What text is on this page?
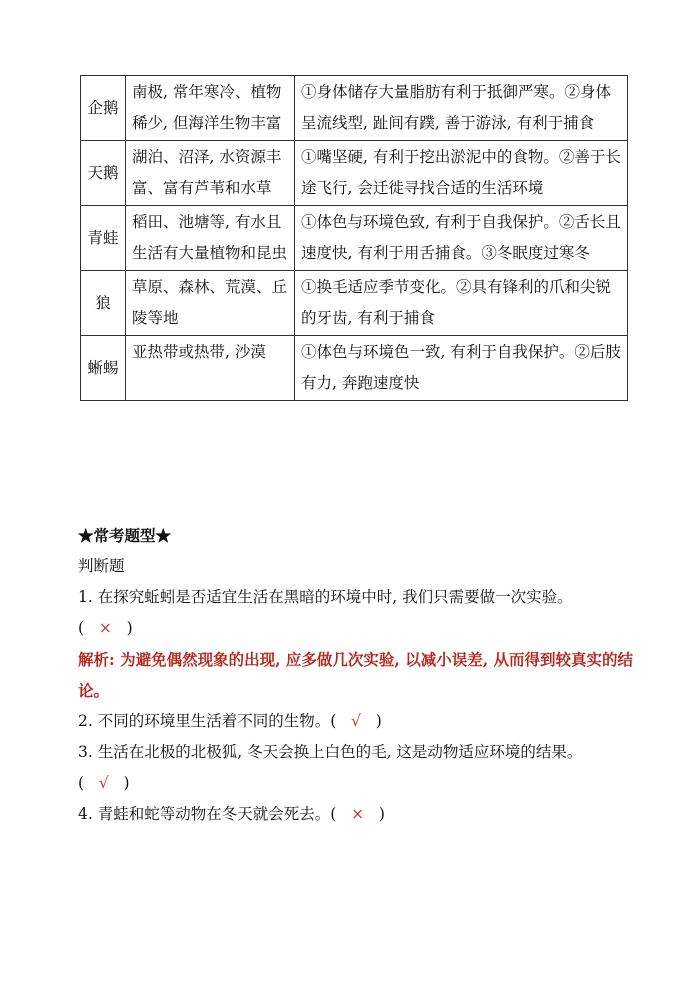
企鹅	南极, 常年寒冷、植物稀少, 但海洋生物丰富	①身体储存大量脂肪有利于抵御严寒。②身体呈流线型, 趾间有蹼, 善于游泳, 有利于捕食
天鹅	湖泊、沼泽, 水资源丰富、富有芦苇和水草	①嘴坚硬, 有利于挖出淤泥中的食物。②善于长途飞行, 会迁徙寻找合适的生活环境
青蛙	稻田、池塘等, 有水且生活有大量植物和昆虫	①体色与环境色致, 有利于自我保护。②舌长且速度快, 有利于用舌捕食。③冬眠度过寒冬
狼	草原、森林、荒漠、丘陵等地	①换毛适应季节变化。②具有锋利的爪和尖锐的牙齿, 有利于捕食
蜥蜴	亚热带或热带, 沙漠	①体色与环境色一致, 有利于自我保护。②后肢有力, 奔跑速度快

★常考题型★

判断题

1. 在探究蚯蚓是否适宜生活在黑暗的环境中时, 我们只需要做一次实验。
( × )

解析: 为避免偶然现象的出现, 应多做几次实验, 以减小误差, 从而得到较真实的结论。

2. 不同的环境里生活着不同的生物。( √ )

3. 生活在北极的北极狐, 冬天会换上白色的毛, 这是动物适应环境的结果。
( √ )

4. 青蛙和蛇等动物在冬天就会死去。( × )
